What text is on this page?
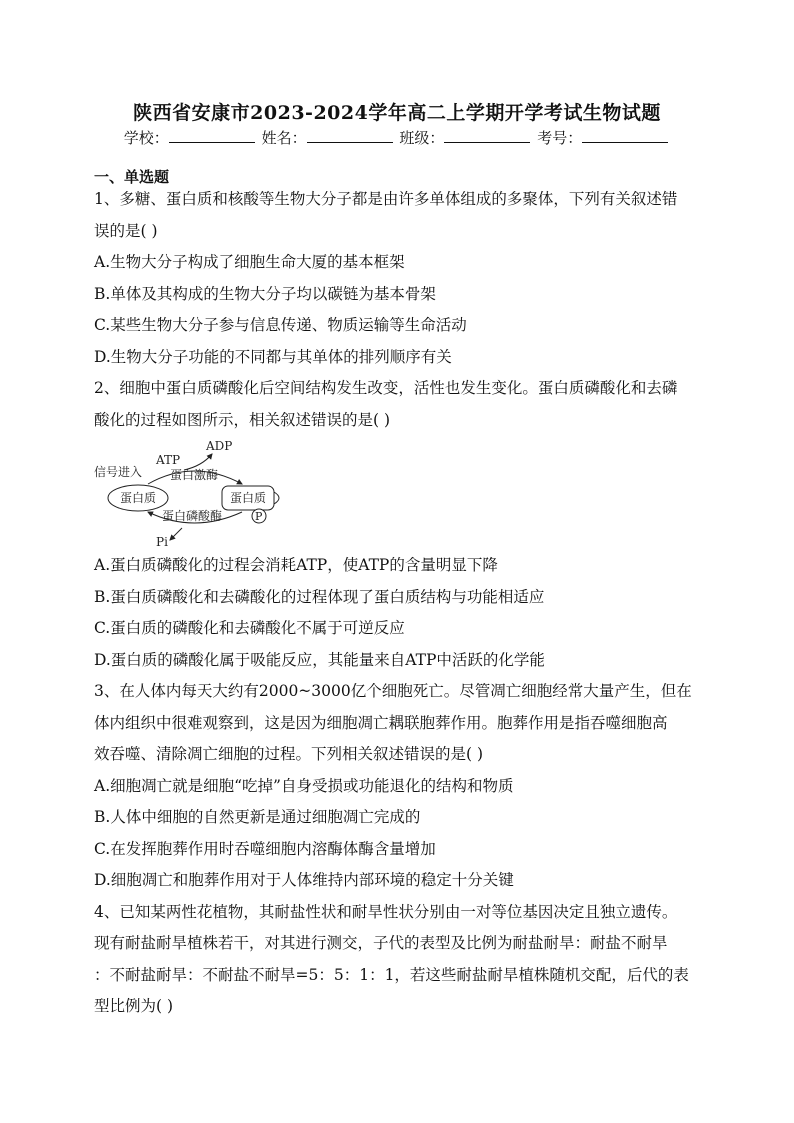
陕西省安康市2023-2024学年高二上学期开学考试生物试题
学校：	姓名：	班级：	考号：
一、单选题

1、多糖、蛋白质和核酸等生物大分子都是由许多单体组成的多聚体，下列有关叙述错

误的是( )

A.生物大分子构成了细胞生命大厦的基本框架

B.单体及其构成的生物大分子均以碳链为基本骨架

C.某些生物大分子参与信息传递、物质运输等生命活动

D.生物大分子功能的不同都与其单体的排列顺序有关

2、细胞中蛋白质磷酸化后空间结构发生改变，活性也发生变化。蛋白质磷酸化和去磷

酸化的过程如图所示，相关叙述错误的是( )

ADP
ATP
信号进入 蛋白激酶
蛋白质	蛋白质
P
蛋白磷酸酶
Pi

A.蛋白质磷酸化的过程会消耗ATP，使ATP的含量明显下降

B.蛋白质磷酸化和去磷酸化的过程体现了蛋白质结构与功能相适应

C.蛋白质的磷酸化和去磷酸化不属于可逆反应

D.蛋白质的磷酸化属于吸能反应，其能量来自ATP中活跃的化学能

3、在人体内每天大约有2000~3000亿个细胞死亡。尽管凋亡细胞经常大量产生，但在

体内组织中很难观察到，这是因为细胞凋亡耦联胞葬作用。胞葬作用是指吞噬细胞高

效吞噬、清除凋亡细胞的过程。下列相关叙述错误的是( )

A.细胞凋亡就是细胞“吃掉”自身受损或功能退化的结构和物质

B.人体中细胞的自然更新是通过细胞凋亡完成的

C.在发挥胞葬作用时吞噬细胞内溶酶体酶含量增加

D.细胞凋亡和胞葬作用对于人体维持内部环境的稳定十分关键

4、已知某两性花植物，其耐盐性状和耐旱性状分别由一对等位基因决定且独立遗传。

现有耐盐耐旱植株若干，对其进行测交，子代的表型及比例为耐盐耐旱：耐盐不耐旱

：不耐盐耐旱：不耐盐不耐旱=5：5：1：1，若这些耐盐耐旱植株随机交配，后代的表

型比例为( )
